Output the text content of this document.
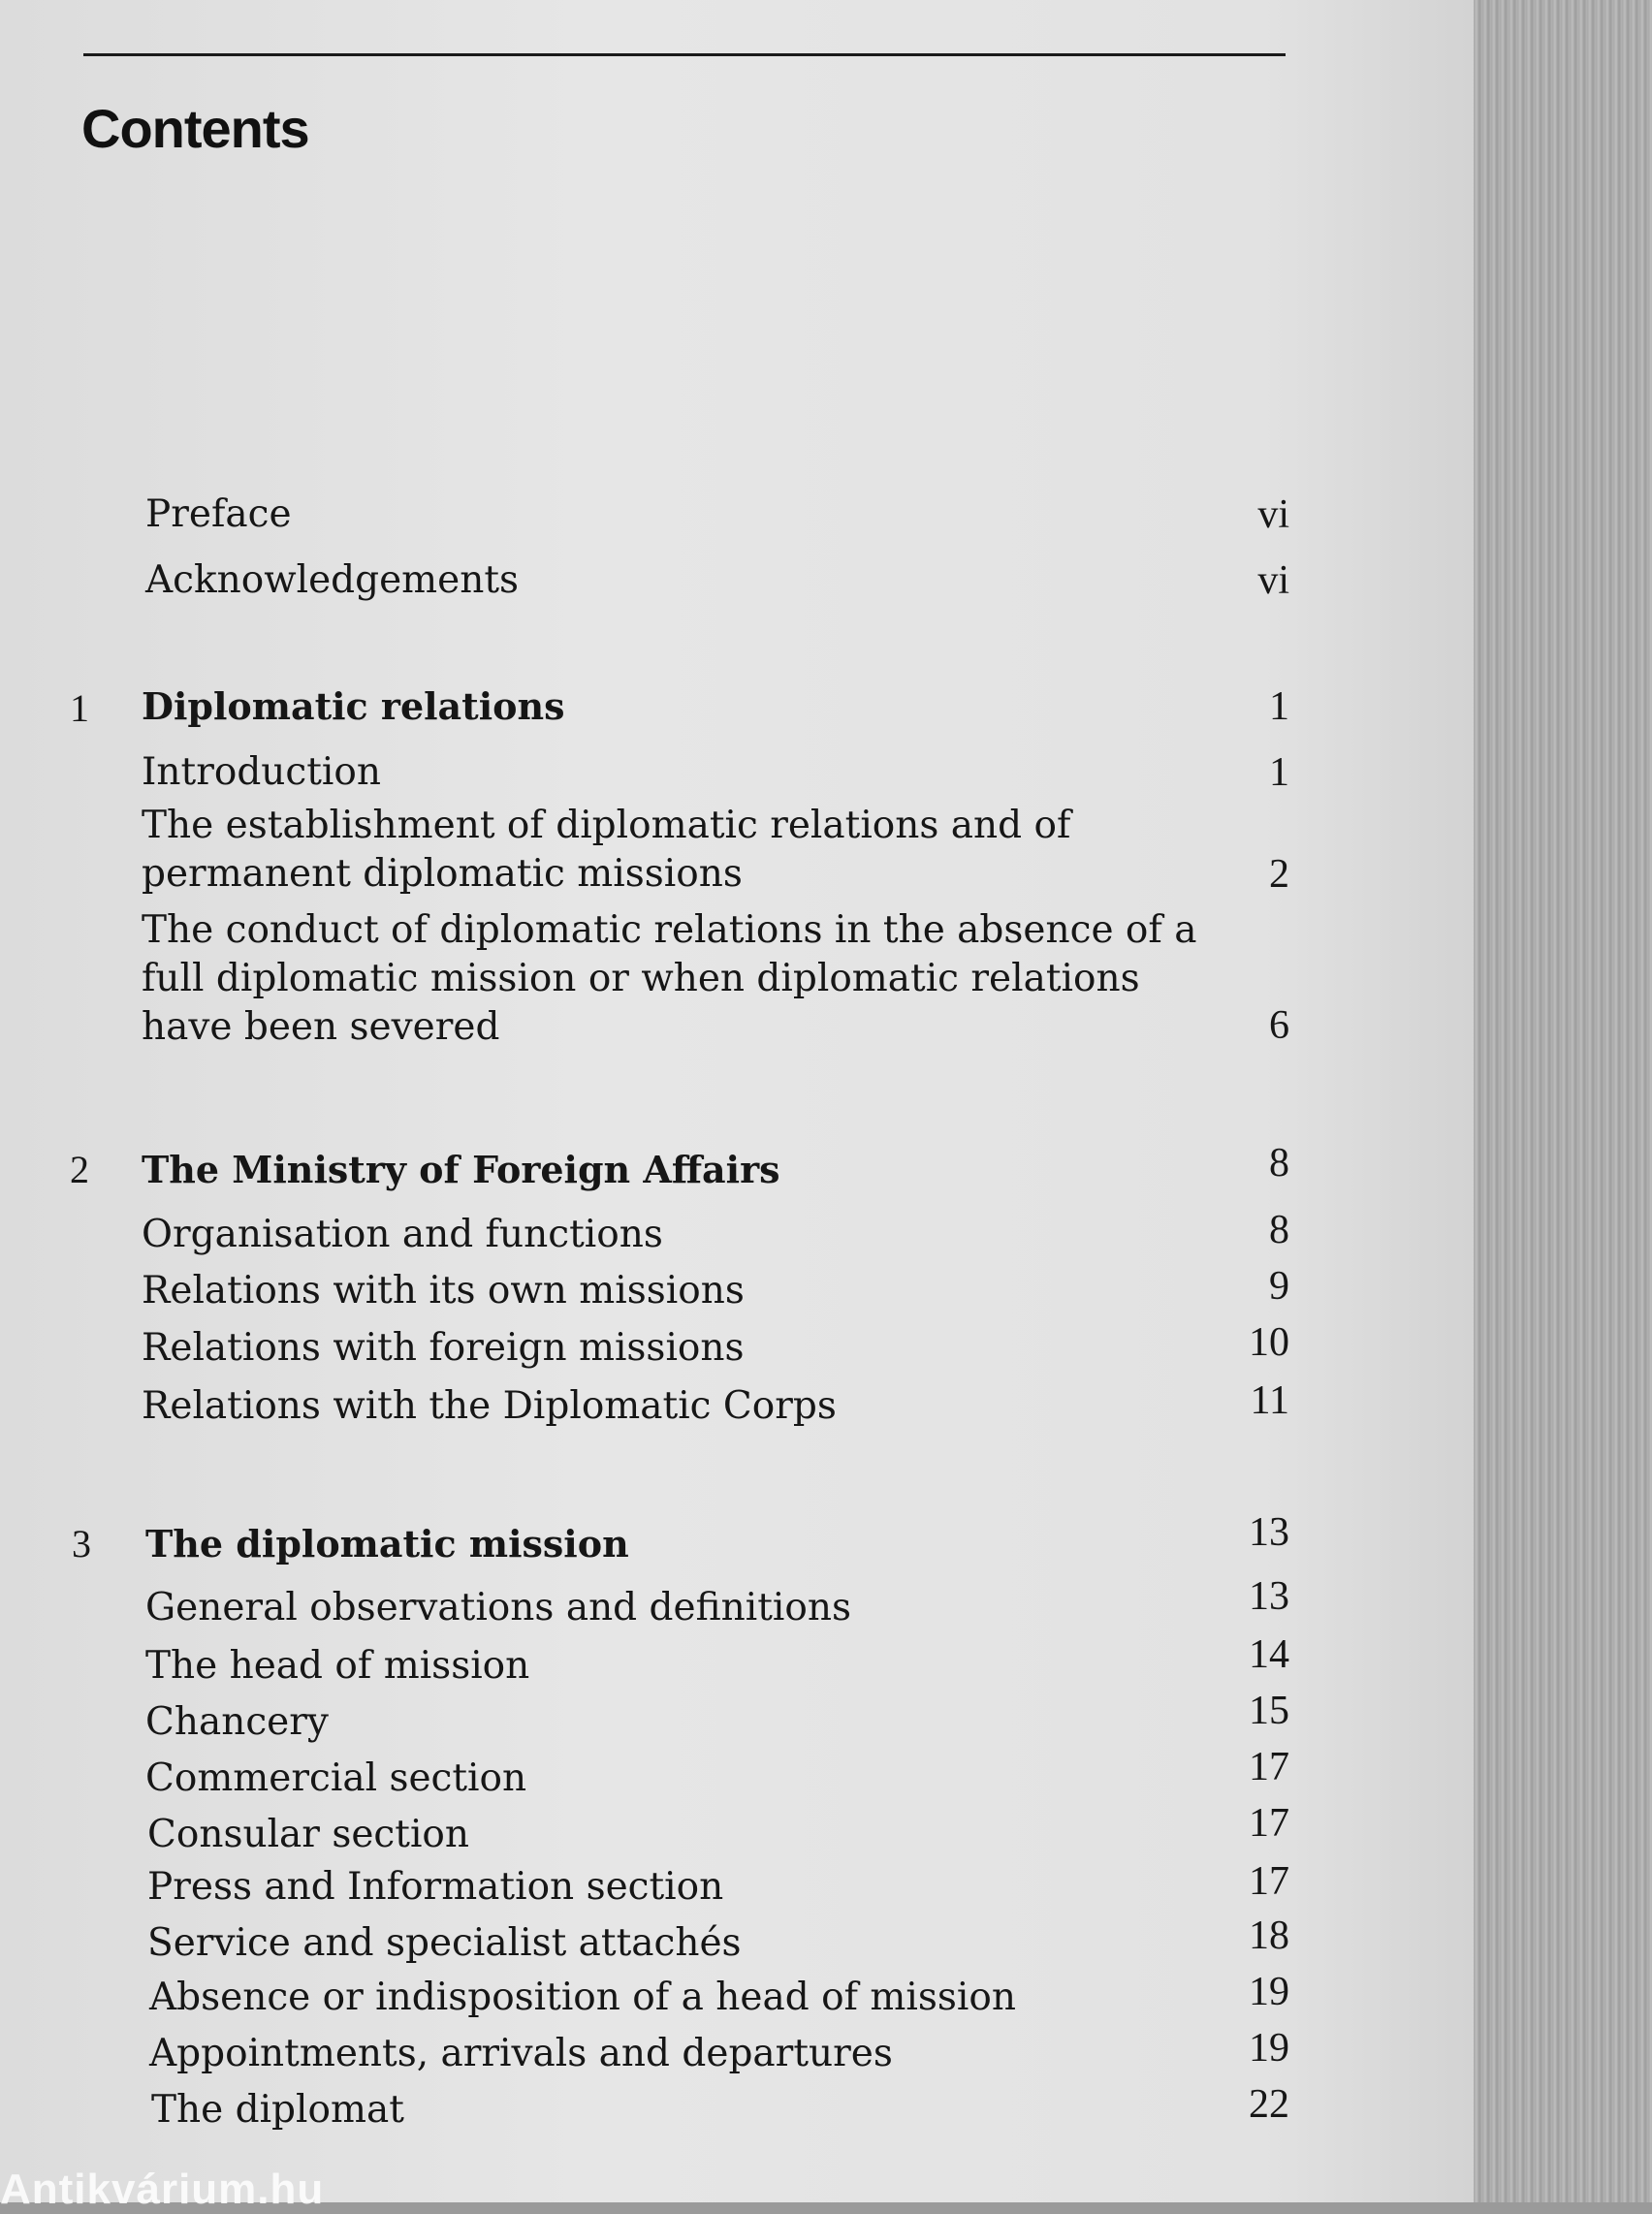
Contents
Preface	vi
Acknowledgements	vi
1 Diplomatic relations	1
Introduction	1
The establishment of diplomatic relations and of
permanent diplomatic missions	2
The conduct of diplomatic relations in the absence of a
full diplomatic mission or when diplomatic relations
have been severed	6
2 The Ministry of Foreign Affairs	8
Organisation and functions	8
Relations with its own missions	9
Relations with foreign missions	10
Relations with the Diplomatic Corps	11
3 The diplomatic mission	13
General observations and definitions	13
The head of mission	14
Chancery	15
Commercial section	17
Consular section	17
Press and Information section	17
Service and specialist attachés	18
Absence or indisposition of a head of mission	19
Appointments, arrivals and departures	19
The diplomat	22
Antikvárium.hu
